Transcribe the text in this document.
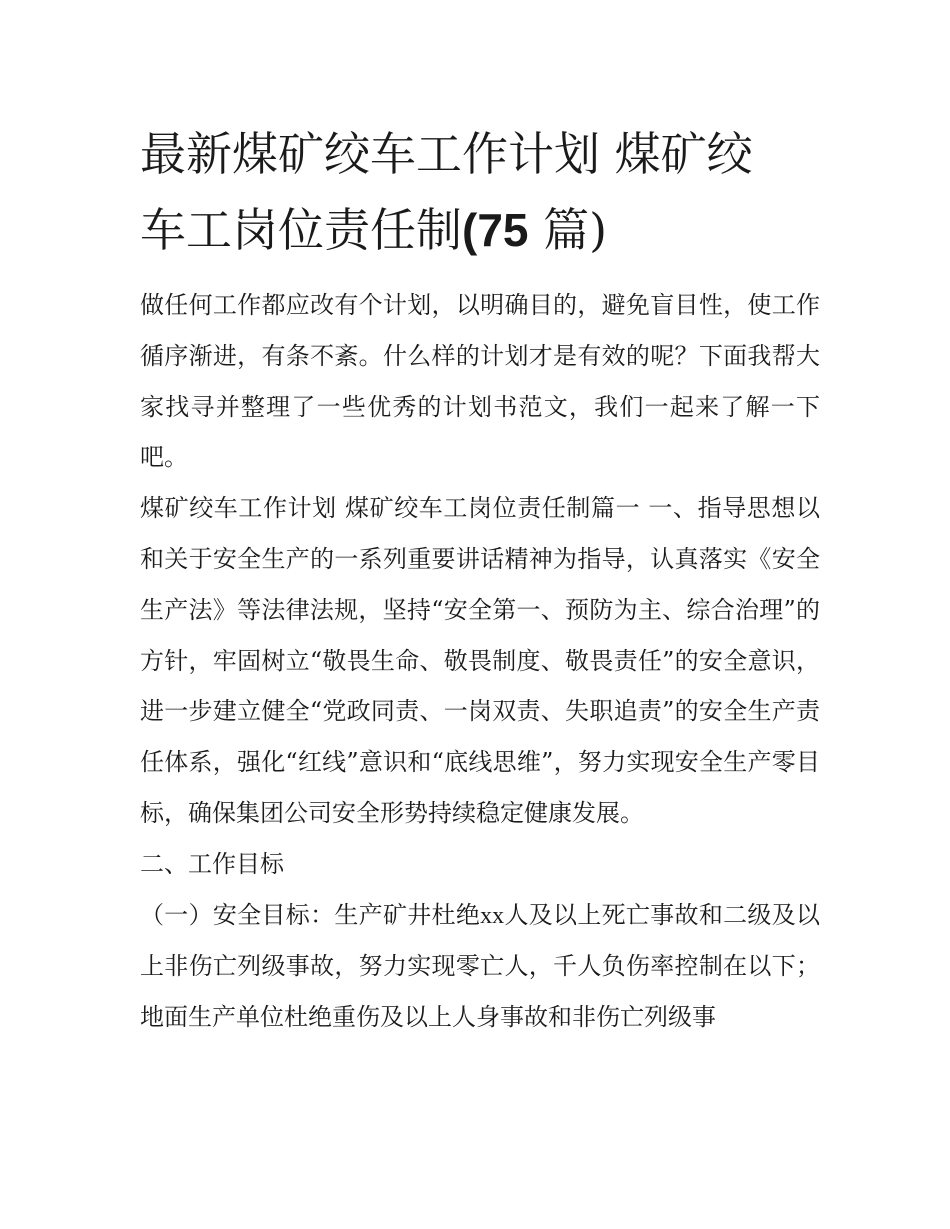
最新煤矿绞车工作计划 煤矿绞
车工岗位责任制(75 篇)

做任何工作都应改有个计划，以明确目的，避免盲目性，使工作循序渐进，有条不紊。什么样的计划才是有效的呢？下面我帮大家找寻并整理了一些优秀的计划书范文，我们一起来了解一下吧。

煤矿绞车工作计划 煤矿绞车工岗位责任制篇一 一、指导思想以和关于安全生产的一系列重要讲话精神为指导，认真落实《安全生产法》等法律法规，坚持“安全第一、预防为主、综合治理”的方针，牢固树立“敬畏生命、敬畏制度、敬畏责任”的安全意识，进一步建立健全“党政同责、一岗双责、失职追责”的安全生产责任体系，强化“红线”意识和“底线思维”，努力实现安全生产零目标，确保集团公司安全形势持续稳定健康发展。

二、工作目标

（一）安全目标：生产矿井杜绝xx人及以上死亡事故和二级及以上非伤亡列级事故，努力实现零亡人，千人负伤率控制在以下；地面生产单位杜绝重伤及以上人身事故和非伤亡列级事
